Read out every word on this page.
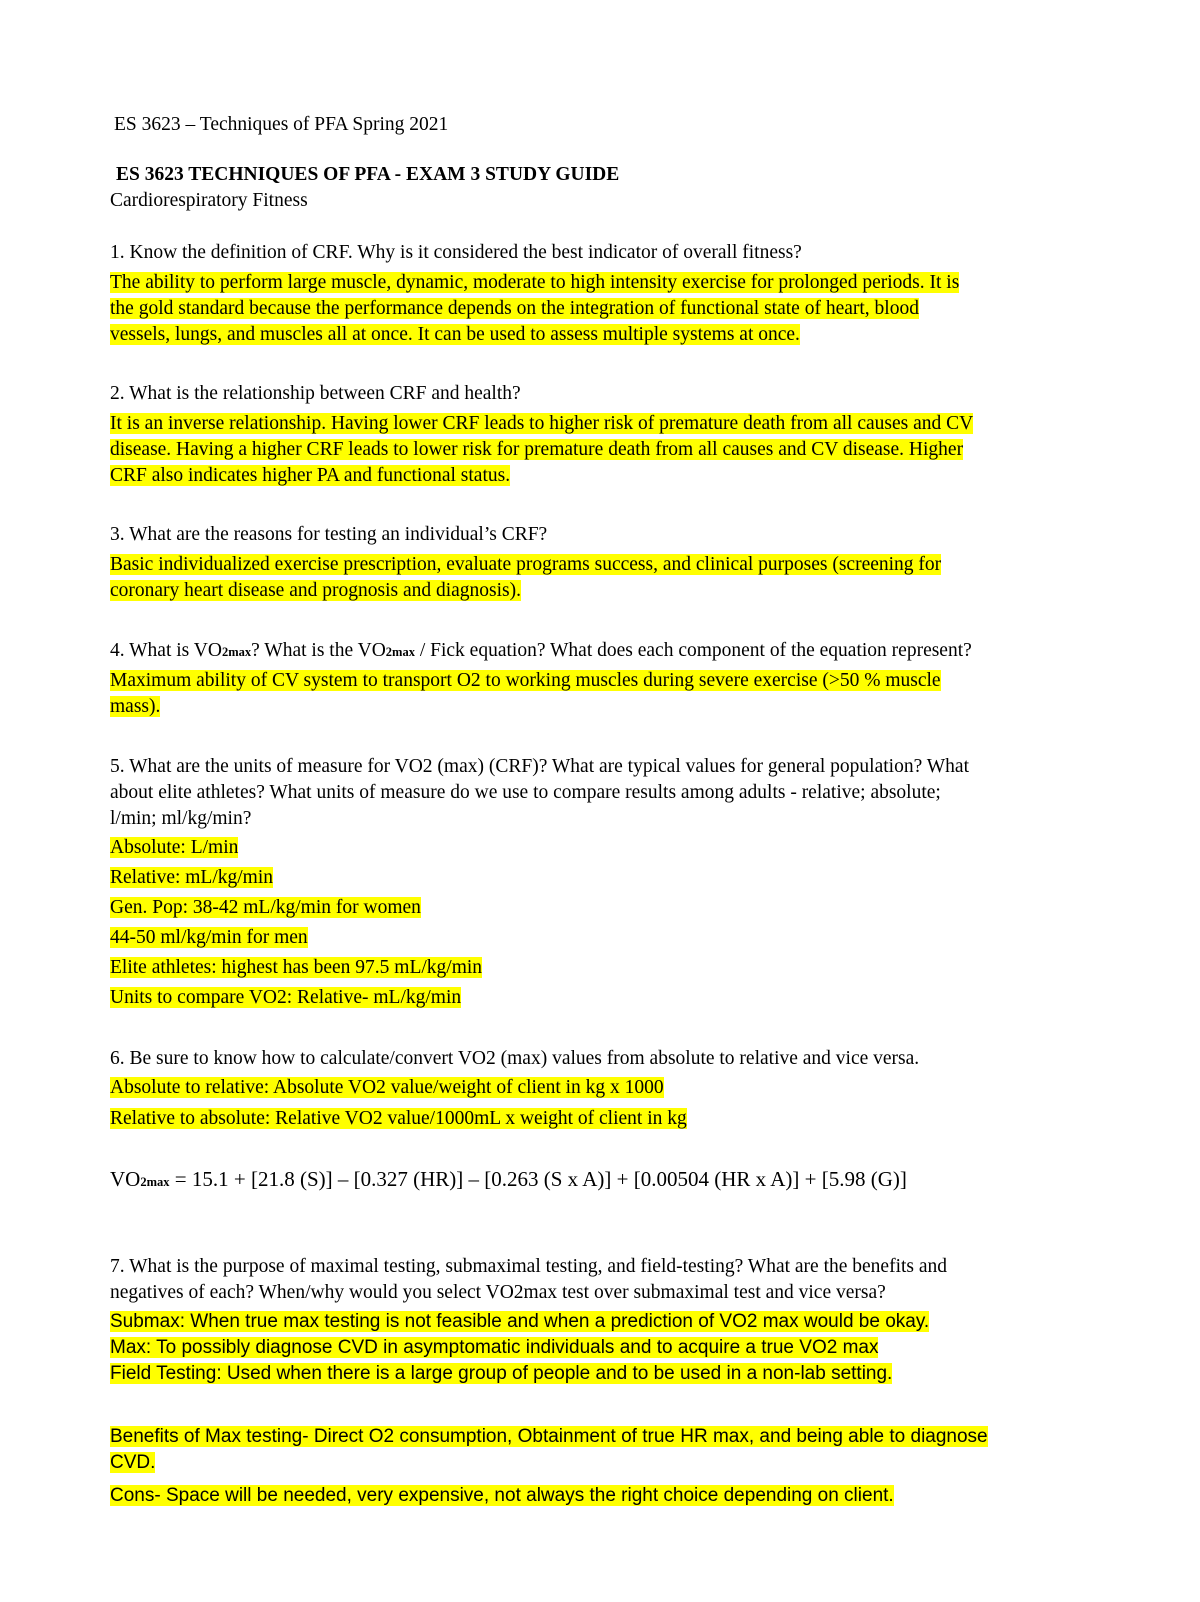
ES 3623 – Techniques of PFA Spring 2021
ES 3623 TECHNIQUES OF PFA - EXAM 3 STUDY GUIDE
Cardiorespiratory Fitness
1. Know the definition of CRF. Why is it considered the best indicator of overall fitness?
The ability to perform large muscle, dynamic, moderate to high intensity exercise for prolonged periods. It is
the gold standard because the performance depends on the integration of functional state of heart, blood
vessels, lungs, and muscles all at once. It can be used to assess multiple systems at once.
2. What is the relationship between CRF and health?
It is an inverse relationship. Having lower CRF leads to higher risk of premature death from all causes and CV
disease. Having a higher CRF leads to lower risk for premature death from all causes and CV disease. Higher
CRF also indicates higher PA and functional status.
3. What are the reasons for testing an individual’s CRF?
Basic individualized exercise prescription, evaluate programs success, and clinical purposes (screening for
coronary heart disease and prognosis and diagnosis).
4. What is VO2max? What is the VO2max / Fick equation? What does each component of the equation represent?
Maximum ability of CV system to transport O2 to working muscles during severe exercise (>50 % muscle
mass).
5. What are the units of measure for VO2 (max) (CRF)? What are typical values for general population? What
about elite athletes? What units of measure do we use to compare results among adults - relative; absolute;
l/min; ml/kg/min?
Absolute: L/min
Relative: mL/kg/min
Gen. Pop: 38-42 mL/kg/min for women
44-50 ml/kg/min for men
Elite athletes: highest has been 97.5 mL/kg/min
Units to compare VO2: Relative- mL/kg/min
6. Be sure to know how to calculate/convert VO2 (max) values from absolute to relative and vice versa.
Absolute to relative: Absolute VO2 value/weight of client in kg x 1000
Relative to absolute: Relative VO2 value/1000mL x weight of client in kg
VO2max = 15.1 + [21.8 (S)] – [0.327 (HR)] – [0.263 (S x A)] + [0.00504 (HR x A)] + [5.98 (G)]
7. What is the purpose of maximal testing, submaximal testing, and field-testing? What are the benefits and
negatives of each? When/why would you select VO2max test over submaximal test and vice versa?
Submax: When true max testing is not feasible and when a prediction of VO2 max would be okay.
Max: To possibly diagnose CVD in asymptomatic individuals and to acquire a true VO2 max
Field Testing: Used when there is a large group of people and to be used in a non-lab setting.
Benefits of Max testing- Direct O2 consumption, Obtainment of true HR max, and being able to diagnose
CVD.
Cons- Space will be needed, very expensive, not always the right choice depending on client.
